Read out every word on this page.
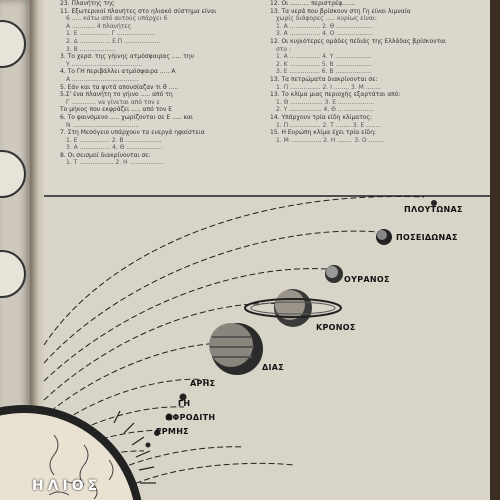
23. Πλανήτης της
11. Εξωτερικοί πλανήτες στο ηλιακό σύστημα είναι
6 ..... κάτω από αυτούς υπάρχει 6
Α ............ 4 πλανήτες
1. Ε ................ Γ ....................
2. Δ ................ Ε.Π ...................
3. Β ...................
3. Το χερσ. της γήινης ατμόσφαιρας ..... την
Υ .....................................
4. Το ΓΗ περιβάλλει ατμόσφαιρα ..... Α
Α ...................................
5. Εάν και τα φυτά απουσίαζαν τι θ .....
5.Σ' ένα πλανήτη το γήινο ..... από τη
Γ ............. να γίνεται από τον ε
Το μήκος που εκφράζει ..... από τον Ε
6. Το φαινόμενο ..... χωρίζονται σε Ε ..... και
Ν ...................................
7. Στη Μεσόγειο υπάρχουν τα ενεργά ηφαίστεια
1. Ε ................ 2. Β ...................
3. Α ................ 4. Θ ...................
8. Οι σεισμοί διακρίνονται σε:
1. Τ .................. 2. Η ..................
12. Οι .......... περιστρέφ.......
13. Τα νερά που βρίσκουν στη Γη είναι λιμναία
χωρίς διάφορες ..... κυρίως είναι:
1. Α ................ 2. Θ ...................
3. Α ................ 4. Ο ...................
12. Οι κυριότερες ομάδες πεδιάς της Ελλάδας βρίσκονται
στο :
1. Α ................ 4. Υ ...................
2. Κ ................ 5. Β ...................
3. Ε ................ 6. Β ...................
13. Τα πετρώματα διακρίνονται σε:
1. Π ................ 2. Ι ........ 3. Μ ........
13. Το κλίμα μιας περιοχής εξαρτάται από:
1. Θ ................. 3. Ε ...................
2. Υ ................. 4. Θ ...................
14. Υπάρχουν τρία είδη κλίματος:
1. Π ................ 2. Τ ........ 3. Ε ........
15. Η Ευρώπη κλίμα έχει τρία είδη:
1. Μ ................ 2. Η ........ 3. Ο ........
ΠΛΟΥΤΩΝΑΣ
ΠΟΣΕΙΔΩΝΑΣ
ΟΥΡΑΝΟΣ
ΚΡΟΝΟΣ
ΔΙΑΣ
ΑΡΗΣ
ΓΗ
ΑΦΡΟΔΙΤΗ
ΕΡΜΗΣ
ΗΛΙΟΣ
